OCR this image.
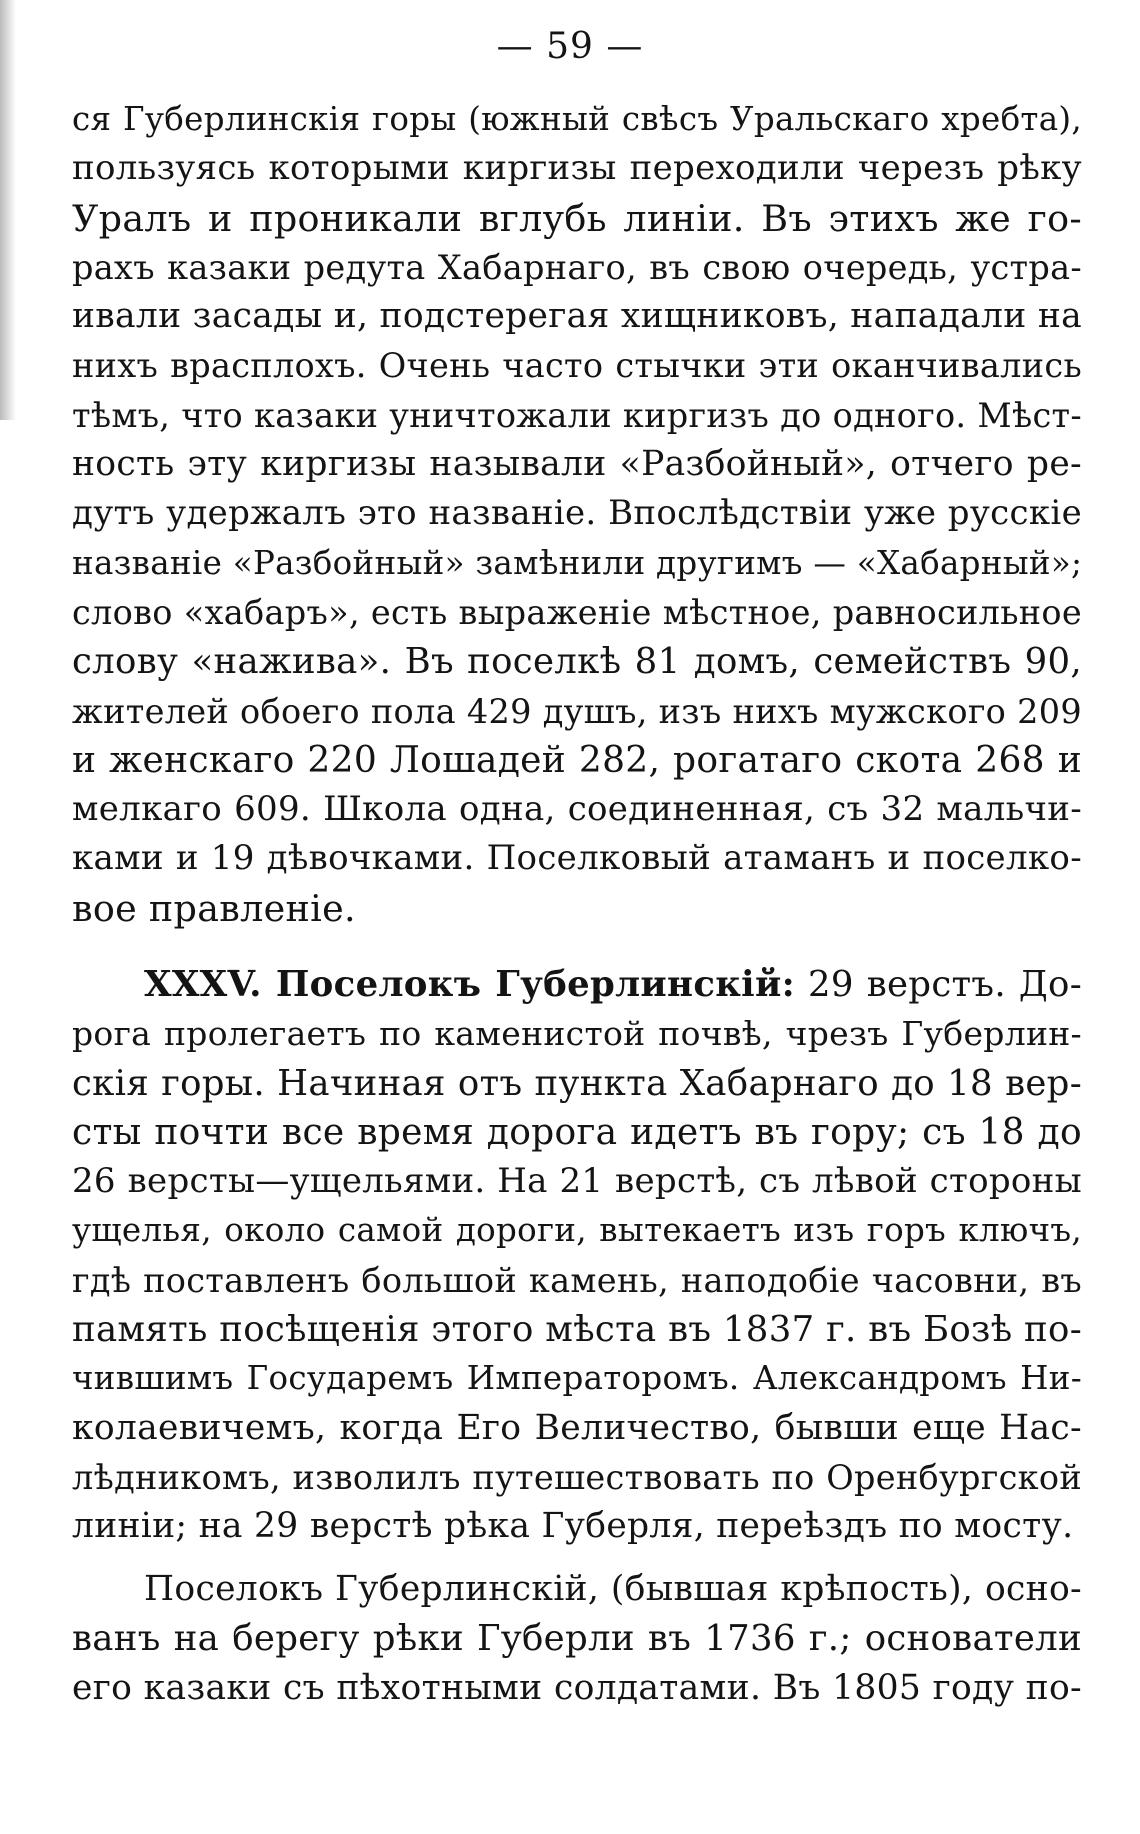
— 59 —
ся Губерлинскія горы (южный свѣсъ Уральскаго хребта),
пользуясь которыми киргизы переходили черезъ рѣку
Уралъ и проникали вглубь линіи. Въ этихъ же го-
рахъ казаки редута Хабарнаго, въ свою очередь, устра-
ивали засады и, подстерегая хищниковъ, нападали на
нихъ врасплохъ. Очень часто стычки эти оканчивались
тѣмъ, что казаки уничтожали киргизъ до одного. Мѣст-
ность эту киргизы называли «Разбойный», отчего ре-
дутъ удержалъ это названіе. Впослѣдствіи уже русскіе
названіе «Разбойный» замѣнили другимъ — «Хабарный»;
слово «хабаръ», есть выраженіе мѣстное, равносильное
слову «нажива». Въ поселкѣ 81 домъ, семействъ 90,
жителей обоего пола 429 душъ, изъ нихъ мужского 209
и женскаго 220 Лошадей 282, рогатаго скота 268 и
мелкаго 609. Школа одна, соединенная, съ 32 мальчи-
ками и 19 дѣвочками. Поселковый атаманъ и поселко-
вое правленіе.
XXXV. Поселокъ Губерлинскій: 29 верстъ. До-
рога пролегаетъ по каменистой почвѣ, чрезъ Губерлин-
скія горы. Начиная отъ пункта Хабарнаго до 18 вер-
сты почти все время дорога идетъ въ гору; съ 18 до
26 версты—ущельями. На 21 верстѣ, съ лѣвой стороны
ущелья, около самой дороги, вытекаетъ изъ горъ ключъ,
гдѣ поставленъ большой камень, наподобіе часовни, въ
память посѣщенія этого мѣста въ 1837 г. въ Бозѣ по-
чившимъ Государемъ Императоромъ. Александромъ Ни-
колаевичемъ, когда Его Величество, бывши еще Нас-
лѣдникомъ, изволилъ путешествовать по Оренбургской
линіи; на 29 верстѣ рѣка Губерля, переѣздъ по мосту.
Поселокъ Губерлинскій, (бывшая крѣпость), осно-
ванъ на берегу рѣки Губерли въ 1736 г.; основатели
его казаки съ пѣхотными солдатами. Въ 1805 году по-
